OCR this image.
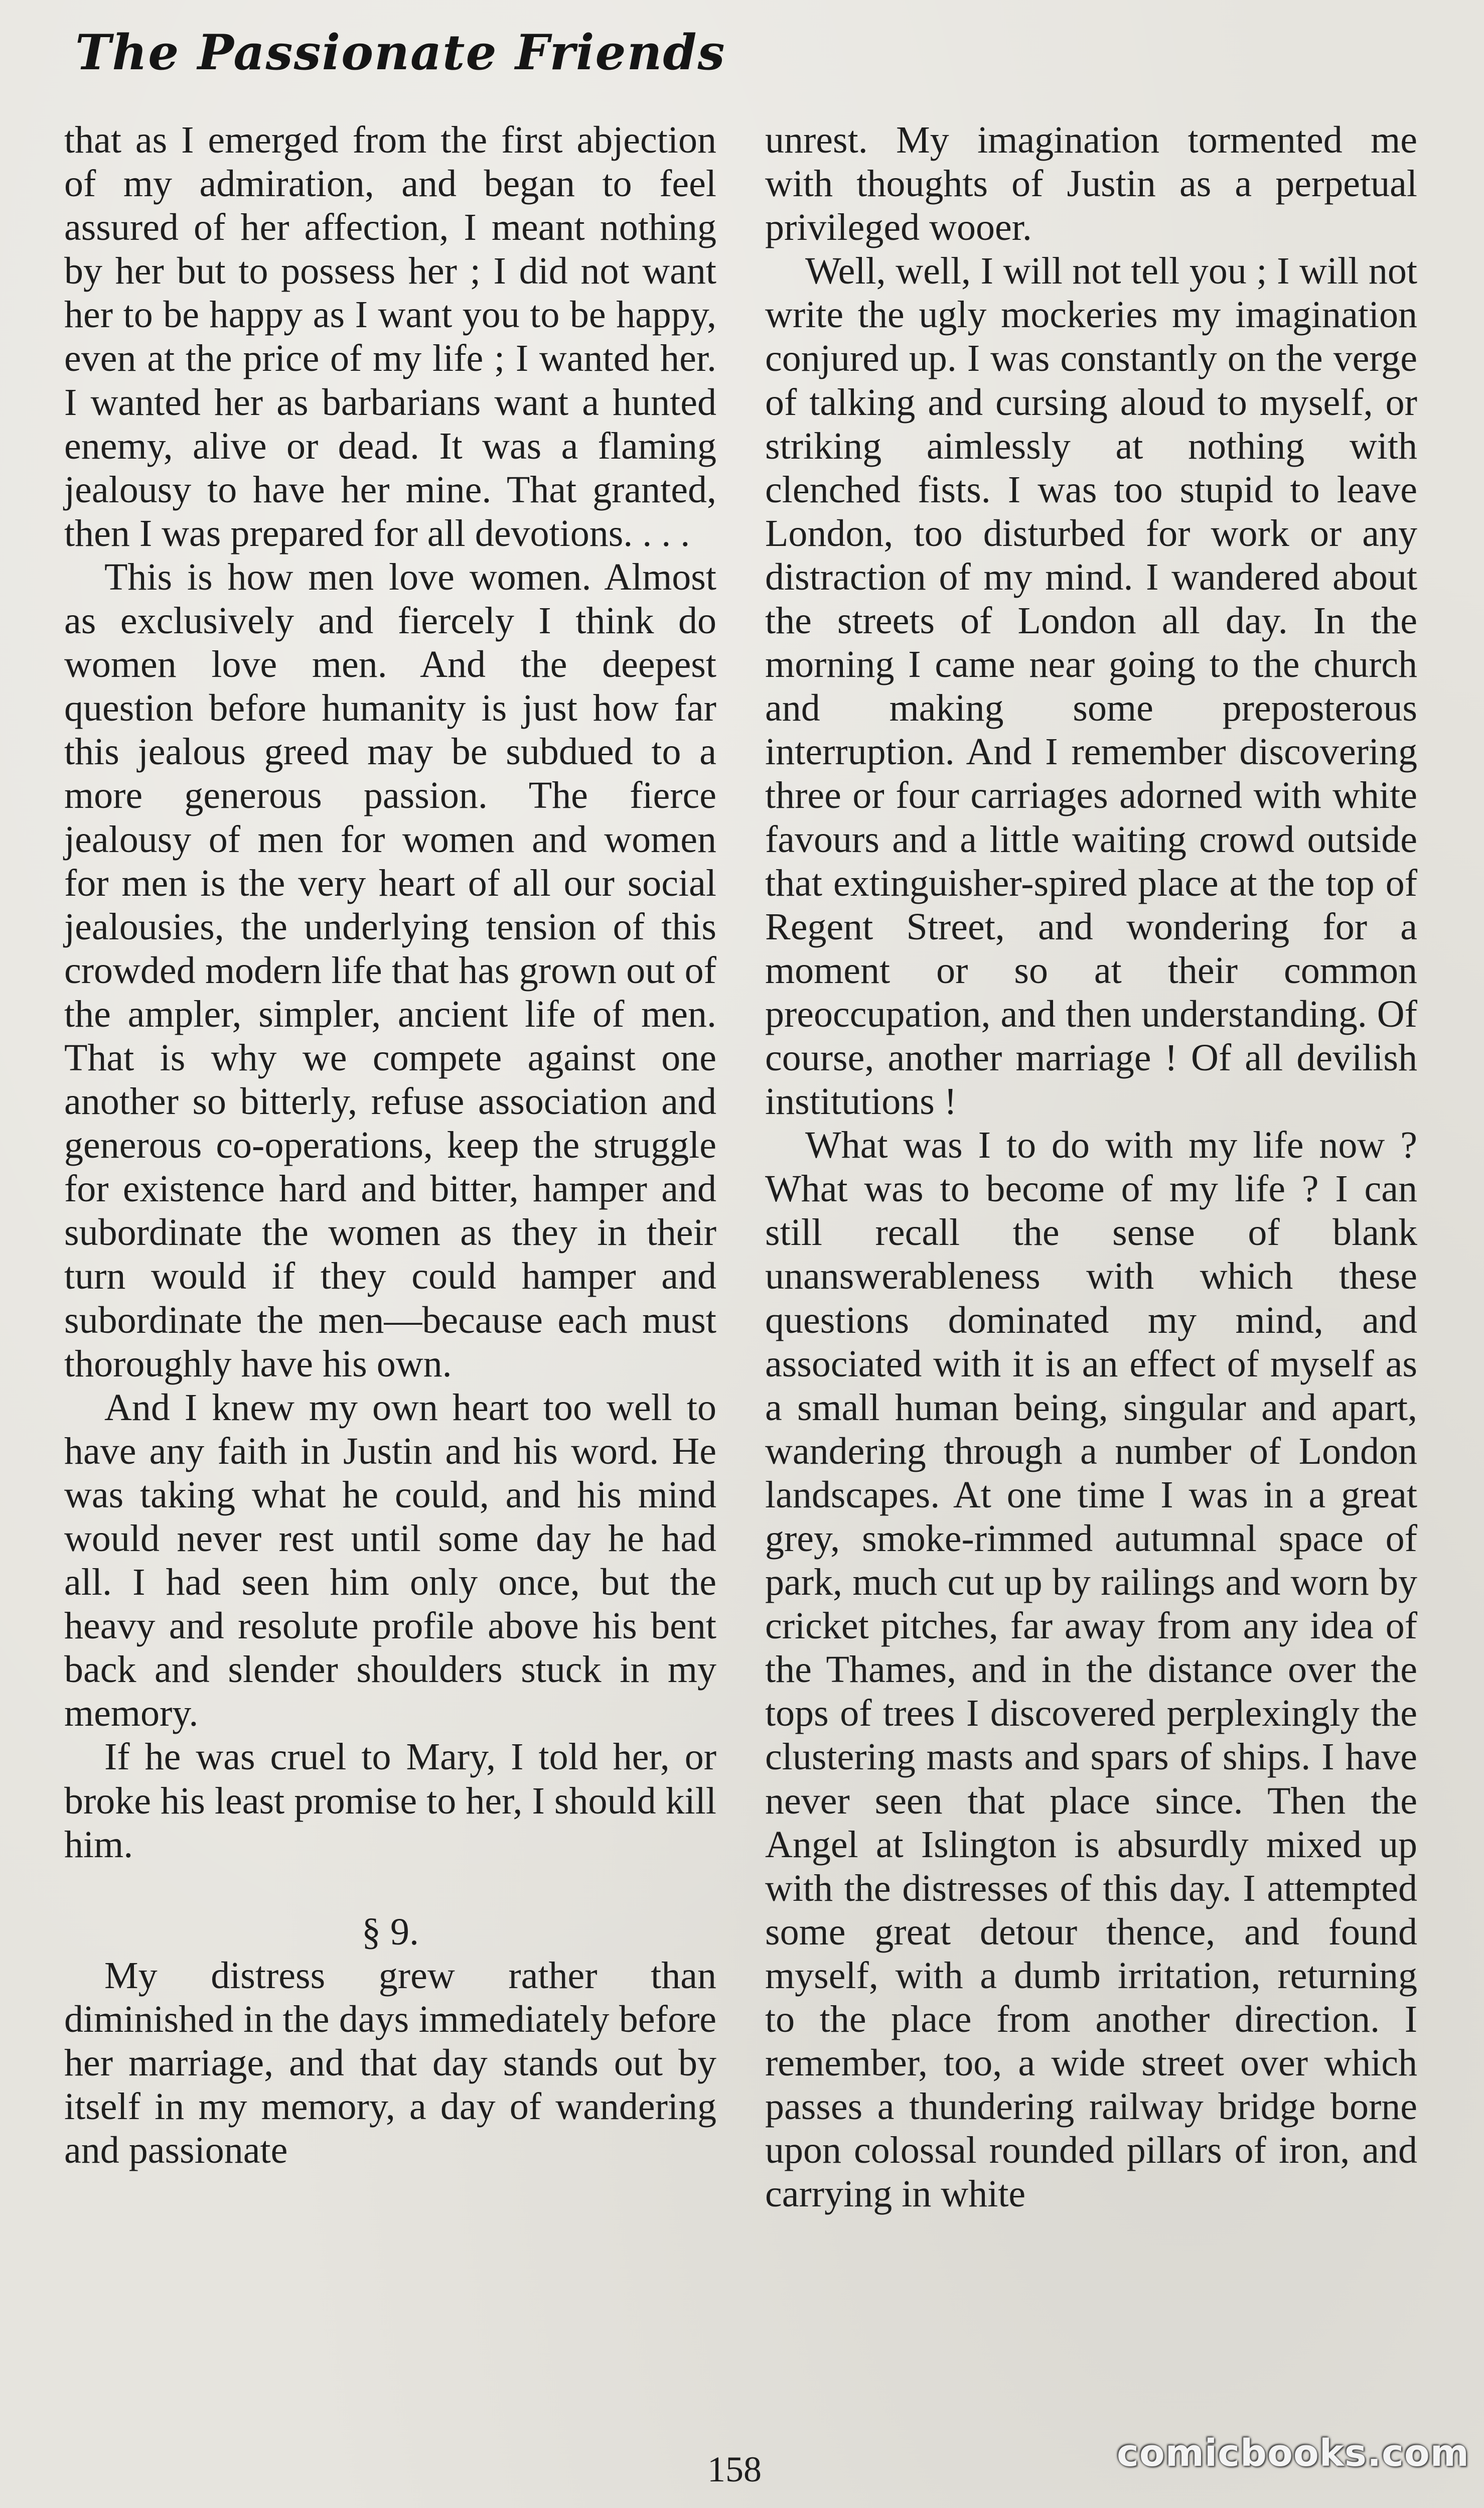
The Passionate Friends

that as I emerged from the first abjection of my admiration, and began to feel assured of her affection, I meant nothing by her but to possess her ; I did not want her to be happy as I want you to be happy, even at the price of my life ; I wanted her. I wanted her as barbarians want a hunted enemy, alive or dead. It was a flaming jealousy to have her mine. That granted, then I was prepared for all devotions. . . .

This is how men love women. Almost as exclusively and fiercely I think do women love men. And the deepest question before humanity is just how far this jealous greed may be subdued to a more generous passion. The fierce jealousy of men for women and women for men is the very heart of all our social jealousies, the underlying tension of this crowded modern life that has grown out of the ampler, simpler, ancient life of men. That is why we compete against one another so bitterly, refuse association and generous co-operations, keep the struggle for existence hard and bitter, hamper and subordinate the women as they in their turn would if they could hamper and subordinate the men—because each must thoroughly have his own.

And I knew my own heart too well to have any faith in Justin and his word. He was taking what he could, and his mind would never rest until some day he had all. I had seen him only once, but the heavy and resolute profile above his bent back and slender shoulders stuck in my memory.

If he was cruel to Mary, I told her, or broke his least promise to her, I should kill him.

§ 9.

My distress grew rather than diminished in the days immediately before her marriage, and that day stands out by itself in my memory, a day of wandering and passionate

unrest. My imagination tormented me with thoughts of Justin as a perpetual privileged wooer.

Well, well, I will not tell you ; I will not write the ugly mockeries my imagination conjured up. I was constantly on the verge of talking and cursing aloud to myself, or striking aimlessly at nothing with clenched fists. I was too stupid to leave London, too disturbed for work or any distraction of my mind. I wandered about the streets of London all day. In the morning I came near going to the church and making some preposterous interruption. And I remember discovering three or four carriages adorned with white favours and a little waiting crowd outside that extinguisher-spired place at the top of Regent Street, and wondering for a moment or so at their common preoccupation, and then understanding. Of course, another marriage ! Of all devilish institutions !

What was I to do with my life now ? What was to become of my life ? I can still recall the sense of blank unanswerableness with which these questions dominated my mind, and associated with it is an effect of myself as a small human being, singular and apart, wandering through a number of London landscapes. At one time I was in a great grey, smoke-rimmed autumnal space of park, much cut up by railings and worn by cricket pitches, far away from any idea of the Thames, and in the distance over the tops of trees I discovered perplexingly the clustering masts and spars of ships. I have never seen that place since. Then the Angel at Islington is absurdly mixed up with the distresses of this day. I attempted some great detour thence, and found myself, with a dumb irritation, returning to the place from another direction. I remember, too, a wide street over which passes a thundering railway bridge borne upon colossal rounded pillars of iron, and carrying in white

158	comicbooks.com
